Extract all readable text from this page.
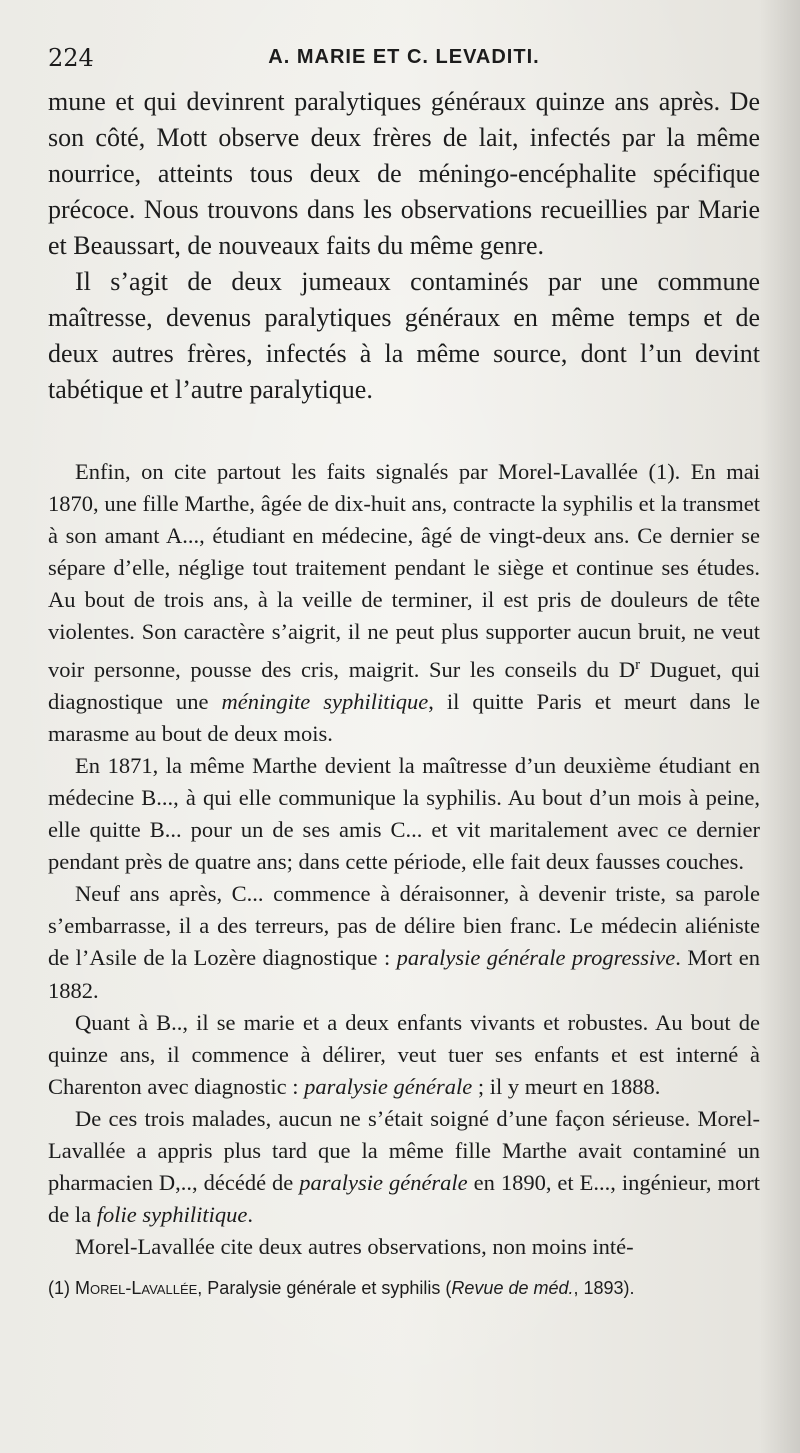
224	A. MARIE ET C. LEVADITI.

mune et qui devinrent paralytiques généraux quinze ans après. De son côté, Mott observe deux frères de lait, infectés par la même nourrice, atteints tous deux de méningo-encéphalite spécifique précoce. Nous trouvons dans les observations recueillies par Marie et Beaussart, de nouveaux faits du même genre.

Il s’agit de deux jumeaux contaminés par une commune maîtresse, devenus paralytiques généraux en même temps et de deux autres frères, infectés à la même source, dont l’un devint tabétique et l’autre paralytique.

Enfin, on cite partout les faits signalés par Morel-Lavallée (1). En mai 1870, une fille Marthe, âgée de dix-huit ans, contracte la syphilis et la transmet à son amant A..., étudiant en médecine, âgé de vingt-deux ans. Ce dernier se sépare d’elle, néglige tout traitement pendant le siège et continue ses études. Au bout de trois ans, à la veille de terminer, il est pris de douleurs de tête violentes. Son caractère s’aigrit, il ne peut plus supporter aucun bruit, ne veut voir personne, pousse des cris, maigrit. Sur les conseils du $D^r$ Duguet, qui diagnostique une méningite syphilitique, il quitte Paris et meurt dans le marasme au bout de deux mois.

En 1871, la même Marthe devient la maîtresse d’un deuxième étudiant en médecine B..., à qui elle communique la syphilis. Au bout d’un mois à peine, elle quitte B... pour un de ses amis C... et vit maritalement avec ce dernier pendant près de quatre ans; dans cette période, elle fait deux fausses couches.

Neuf ans après, C... commence à déraisonner, à devenir triste, sa parole s’embarrasse, il a des terreurs, pas de délire bien franc. Le médecin aliéniste de l’Asile de la Lozère diagnostique : paralysie générale progressive. Mort en 1882.

Quant à B.., il se marie et a deux enfants vivants et robustes. Au bout de quinze ans, il commence à délirer, veut tuer ses enfants et est interné à Charenton avec diagnostic : paralysie générale ; il y meurt en 1888.

De ces trois malades, aucun ne s’était soigné d’une façon sérieuse. Morel-Lavallée a appris plus tard que la même fille Marthe avait contaminé un pharmacien D,.., décédé de paralysie générale en 1890, et E..., ingénieur, mort de la folie syphilitique.

Morel-Lavallée cite deux autres observations, non moins inté-

(1) Morel-Lavallée, Paralysie générale et syphilis (Revue de méd., 1893).
